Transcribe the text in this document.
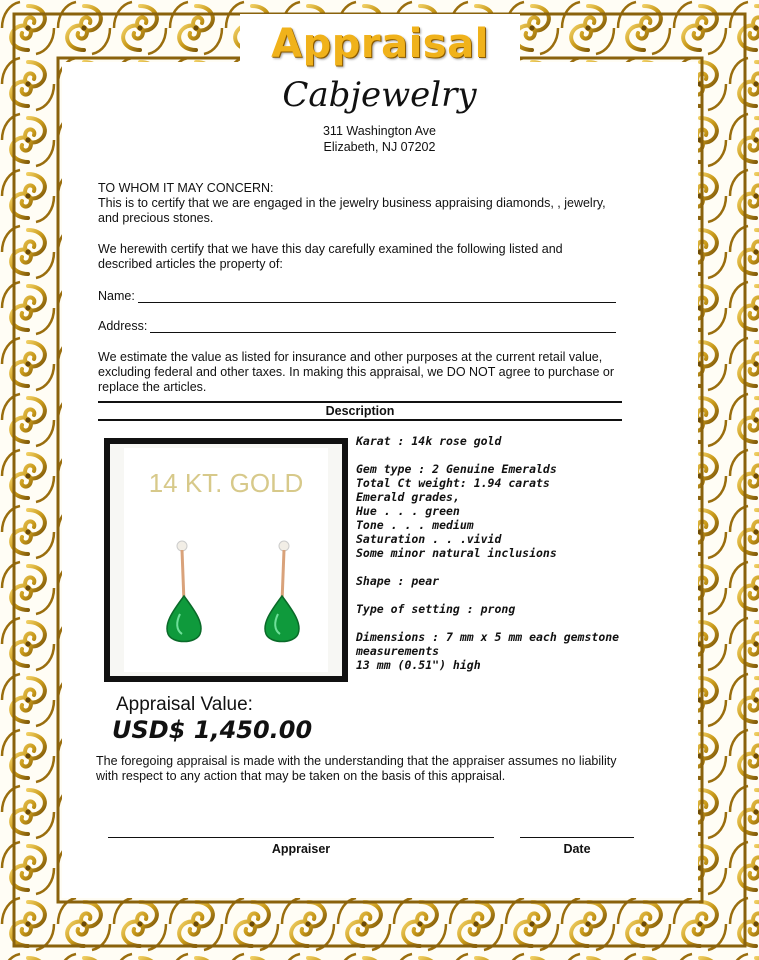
Appraisal
Cabjewelry
311 Washington Ave
Elizabeth, NJ 07202
TO WHOM IT MAY CONCERN:
This is to certify that we are engaged in the jewelry business appraising diamonds, , jewelry, and precious stones.
We herewith certify that we have this day carefully examined the following listed and described articles the property of:
Name:
Address:
We estimate the value as listed for insurance and other purposes at the current retail value, excluding federal and other taxes. In making this appraisal, we DO NOT agree to purchase or replace the articles.
Description
14 KT. GOLD
Karat : 14k rose gold
Gem type : 2 Genuine Emeralds
Total Ct weight: 1.94 carats
Emerald grades,
Hue . . . green
Tone . . . medium
Saturation . . .vivid
Some minor natural inclusions
Shape : pear
Type of setting : prong
Dimensions : 7 mm x 5 mm each gemstone
measurements
13 mm (0.51") high
Appraisal Value:
USD$ 1,450.00
The foregoing appraisal is made with the understanding that the appraiser assumes no liability with respect to any action that may be taken on the basis of this appraisal.
Appraiser	Date
